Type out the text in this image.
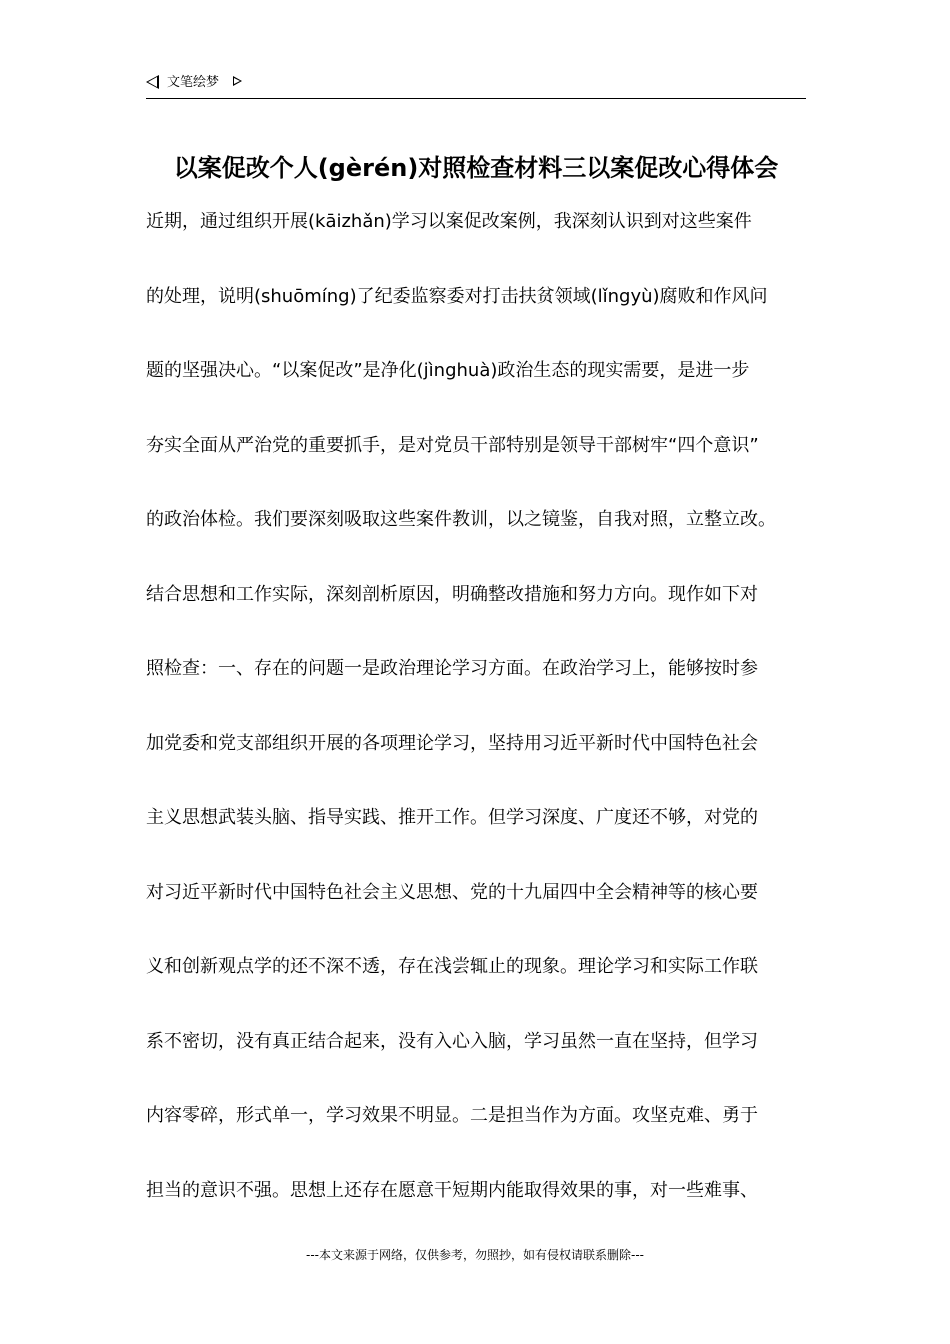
文笔绘梦
以案促改个人(gèrén)对照检查材料三以案促改心得体会
近期，通过组织开展(kāizhǎn)学习以案促改案例，我深刻认识到对这些案件
的处理，说明(shuōmíng)了纪委监察委对打击扶贫领域(lǐngyù)腐败和作风问
题的坚强决心。“以案促改”是净化(jìnghuà)政治生态的现实需要，是进一步
夯实全面从严治党的重要抓手，是对党员干部特别是领导干部树牢“四个意识”
的政治体检。我们要深刻吸取这些案件教训，以之镜鉴，自我对照，立整立改。
结合思想和工作实际，深刻剖析原因，明确整改措施和努力方向。现作如下对
照检查：一、存在的问题一是政治理论学习方面。在政治学习上，能够按时参
加党委和党支部组织开展的各项理论学习，坚持用习近平新时代中国特色社会
主义思想武装头脑、指导实践、推开工作。但学习深度、广度还不够，对党的
对习近平新时代中国特色社会主义思想、党的十九届四中全会精神等的核心要
义和创新观点学的还不深不透，存在浅尝辄止的现象。理论学习和实际工作联
系不密切，没有真正结合起来，没有入心入脑，学习虽然一直在坚持，但学习
内容零碎，形式单一，学习效果不明显。二是担当作为方面。攻坚克难、勇于
担当的意识不强。思想上还存在愿意干短期内能取得效果的事，对一些难事、
---本文来源于网络，仅供参考，勿照抄，如有侵权请联系删除---
